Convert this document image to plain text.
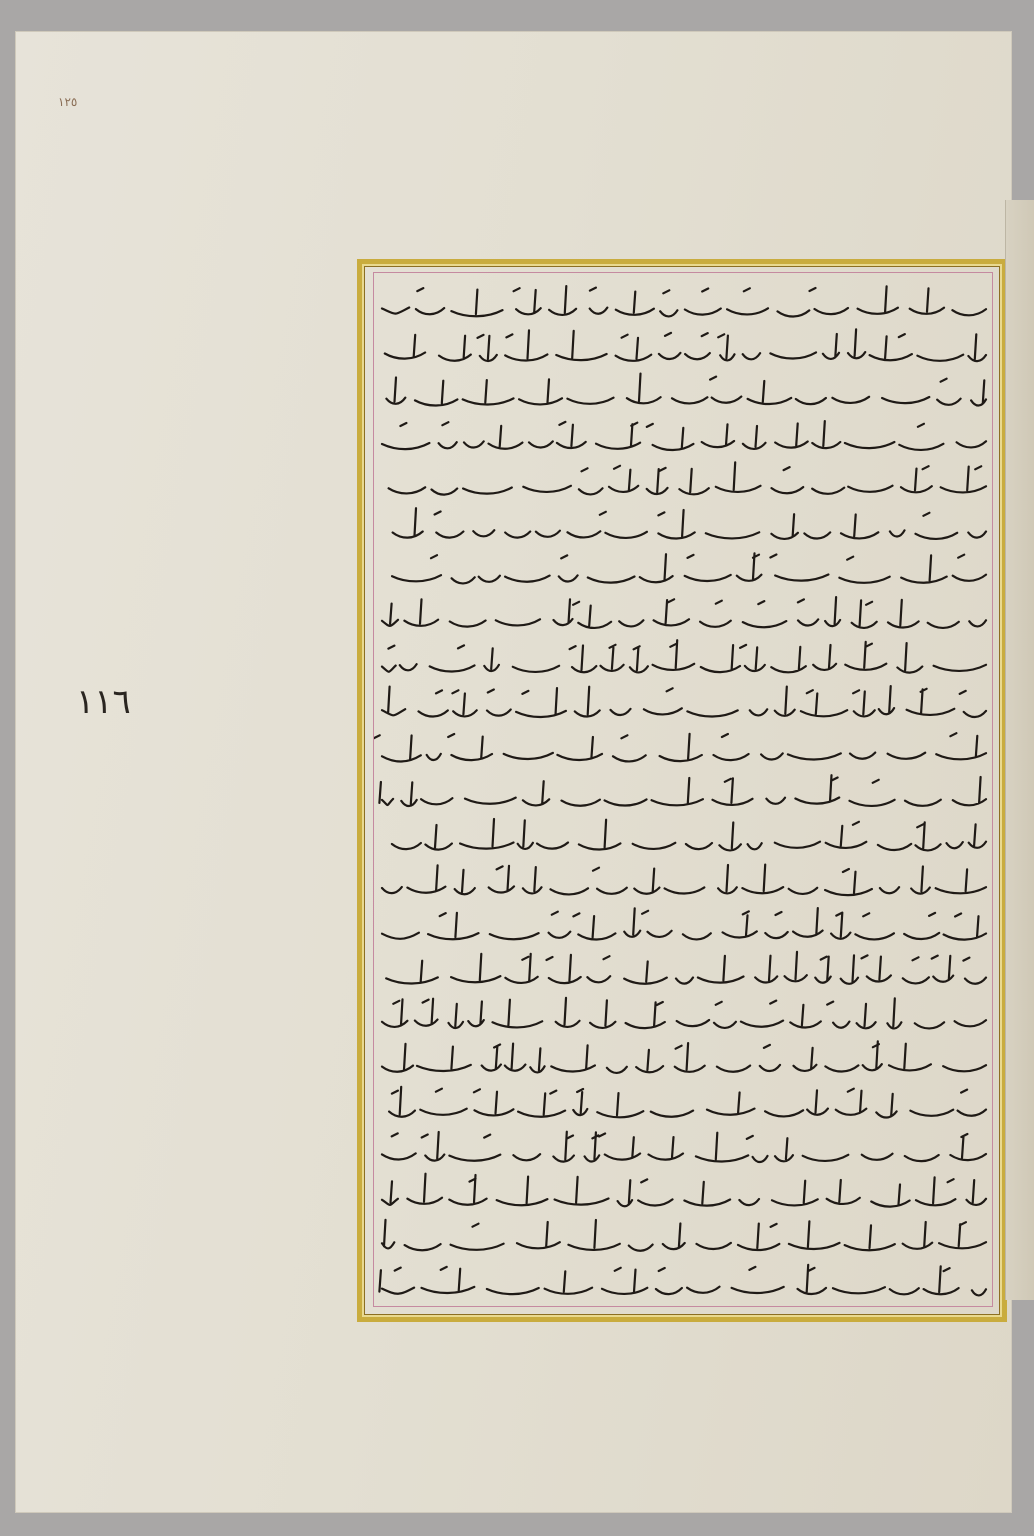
١٢٥
١١٦
